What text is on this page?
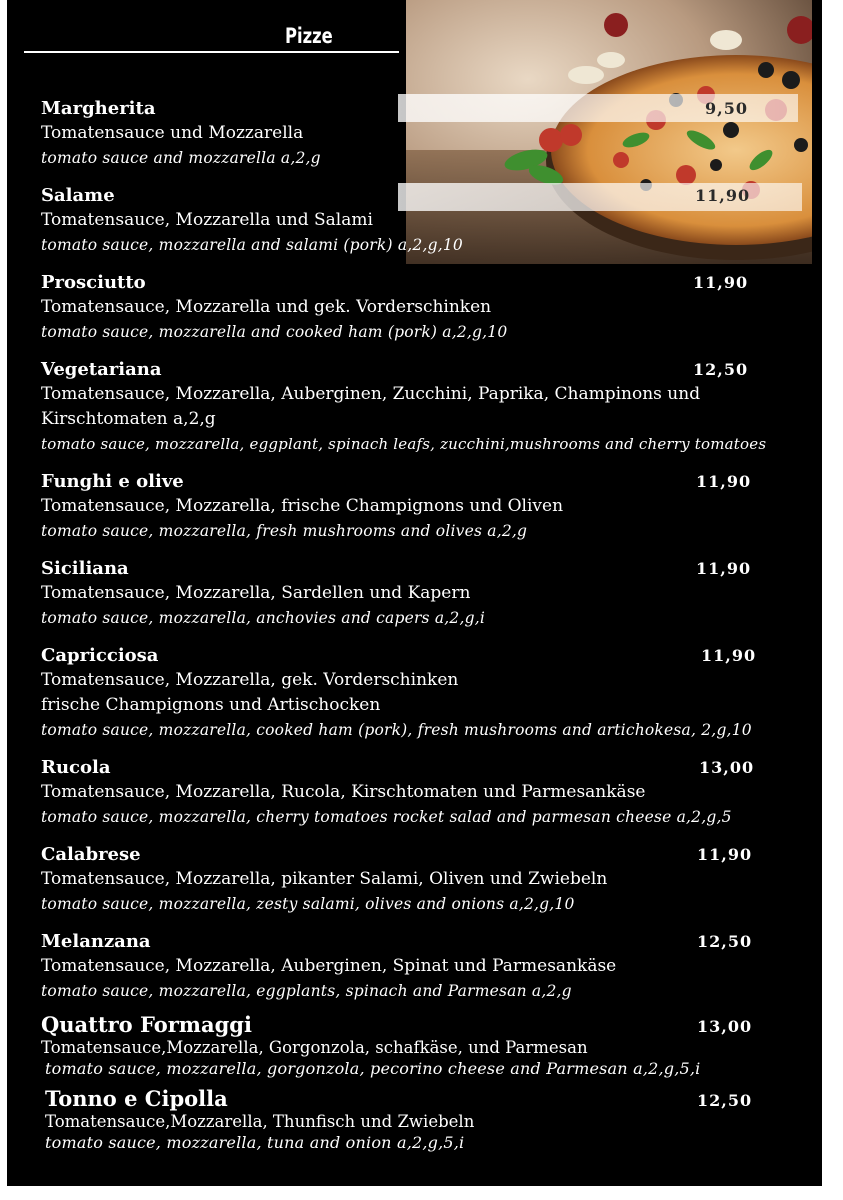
Pizze
Margherita
Tomatensauce und Mozzarella
tomato sauce and mozzarella a,2,g
9,50
Salame
Tomatensauce, Mozzarella und Salami
tomato sauce, mozzarella and salami (pork) a,2,g,10
11,90
Prosciutto
Tomatensauce, Mozzarella und gek. Vorderschinken
tomato sauce, mozzarella and cooked ham (pork) a,2,g,10
11,90
Vegetariana
Tomatensauce, Mozzarella, Auberginen, Zucchini, Paprika, Champinons und
Kirschtomaten a,2,g
tomato sauce, mozzarella, eggplant, spinach leafs, zucchini,mushrooms and cherry tomatoes
12,50
Funghi e olive
Tomatensauce, Mozzarella, frische Champignons und Oliven
tomato sauce, mozzarella, fresh mushrooms and olives a,2,g
11,90
Siciliana
Tomatensauce, Mozzarella, Sardellen und Kapern
tomato sauce, mozzarella, anchovies and capers a,2,g,i
11,90
Capricciosa
Tomatensauce, Mozzarella, gek. Vorderschinken
frische Champignons und Artischocken
tomato sauce, mozzarella, cooked ham (pork), fresh mushrooms and artichokesa, 2,g,10
11,90
Rucola
Tomatensauce, Mozzarella, Rucola, Kirschtomaten und Parmesankäse
tomato sauce, mozzarella, cherry tomatoes rocket salad and parmesan cheese a,2,g,5
13,00
Calabrese
Tomatensauce, Mozzarella, pikanter Salami, Oliven und Zwiebeln
tomato sauce, mozzarella, zesty salami, olives and onions a,2,g,10
11,90
Melanzana
Tomatensauce, Mozzarella, Auberginen, Spinat und Parmesankäse
tomato sauce, mozzarella, eggplants, spinach and Parmesan a,2,g
12,50
Quattro Formaggi
Tomatensauce,Mozzarella, Gorgonzola, schafkäse, und Parmesan
tomato sauce, mozzarella, gorgonzola, pecorino cheese and Parmesan a,2,g,5,i
13,00
Tonno e Cipolla
Tomatensauce,Mozzarella, Thunfisch und Zwiebeln
tomato sauce, mozzarella, tuna and onion a,2,g,5,i
12,50
